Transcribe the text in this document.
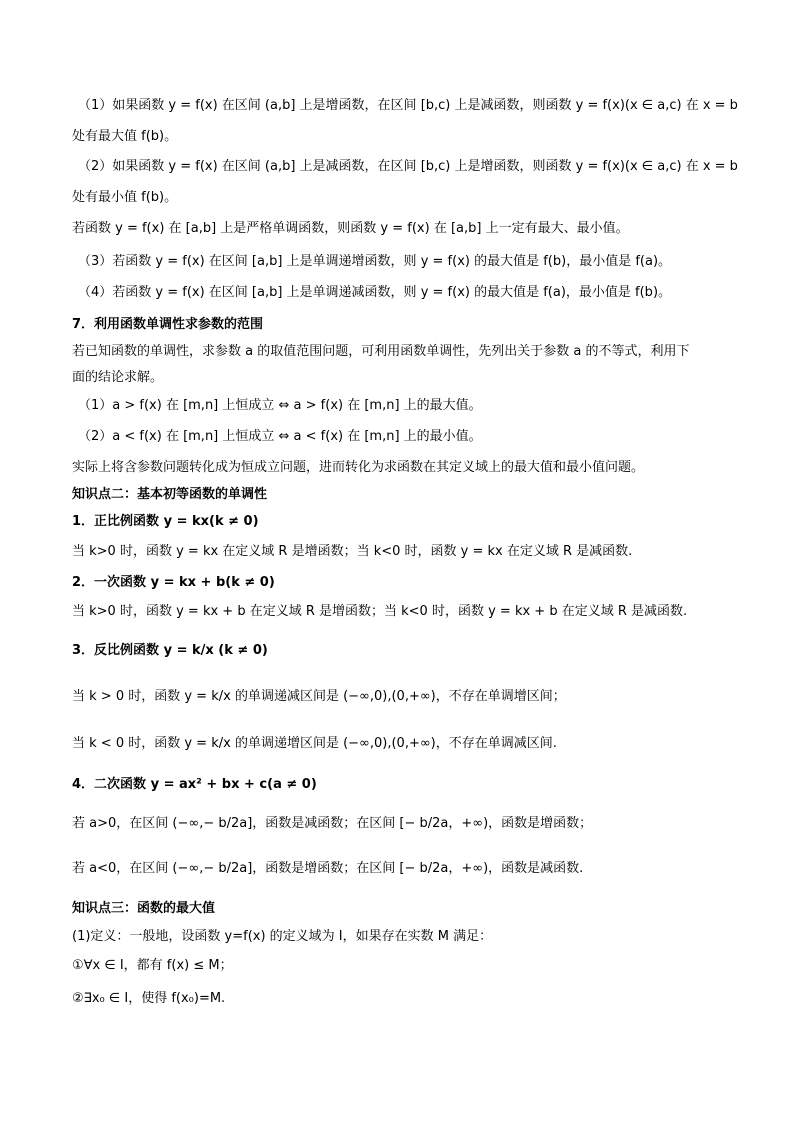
（1）如果函数 y = f(x) 在区间 (a,b] 上是增函数，在区间 [b,c) 上是减函数，则函数 y = f(x)(x ∈ a,c) 在 x = b
处有最大值 f(b)。
（2）如果函数 y = f(x) 在区间 (a,b] 上是减函数，在区间 [b,c) 上是增函数，则函数 y = f(x)(x ∈ a,c) 在 x = b
处有最小值 f(b)。
若函数 y = f(x) 在 [a,b] 上是严格单调函数，则函数 y = f(x) 在 [a,b] 上一定有最大、最小值。
（3）若函数 y = f(x) 在区间 [a,b] 上是单调递增函数，则 y = f(x) 的最大值是 f(b)，最小值是 f(a)。
（4）若函数 y = f(x) 在区间 [a,b] 上是单调递减函数，则 y = f(x) 的最大值是 f(a)，最小值是 f(b)。
7．利用函数单调性求参数的范围
若已知函数的单调性，求参数 a 的取值范围问题，可利用函数单调性，先列出关于参数 a 的不等式，利用下
面的结论求解。
（1）a > f(x) 在 [m,n] 上恒成立 ⇔ a > f(x) 在 [m,n] 上的最大值。
（2）a < f(x) 在 [m,n] 上恒成立 ⇔ a < f(x) 在 [m,n] 上的最小值。
实际上将含参数问题转化成为恒成立问题，进而转化为求函数在其定义域上的最大值和最小值问题。
知识点二：基本初等函数的单调性
1．正比例函数 y = kx(k ≠ 0)
当 k>0 时，函数 y = kx 在定义域 R 是增函数；当 k<0 时，函数 y = kx 在定义域 R 是减函数.
2．一次函数 y = kx + b(k ≠ 0)
当 k>0 时，函数 y = kx + b 在定义域 R 是增函数；当 k<0 时，函数 y = kx + b 在定义域 R 是减函数.
3．反比例函数 y = k/x (k ≠ 0)
当 k > 0 时，函数 y = k/x 的单调递减区间是 (−∞,0),(0,+∞)，不存在单调增区间；
当 k < 0 时，函数 y = k/x 的单调递增区间是 (−∞,0),(0,+∞)，不存在单调减区间.
4．二次函数 y = ax² + bx + c(a ≠ 0)
若 a>0，在区间 (−∞,− b/2a]，函数是减函数；在区间 [− b/2a，+∞)，函数是增函数；
若 a<0，在区间 (−∞,− b/2a]，函数是增函数；在区间 [− b/2a，+∞)，函数是减函数.
知识点三：函数的最大值
(1)定义：一般地，设函数 y=f(x) 的定义域为 I，如果存在实数 M 满足：
①∀x ∈ I，都有 f(x) ≤ M；
②∃x₀ ∈ I，使得 f(x₀)=M.
